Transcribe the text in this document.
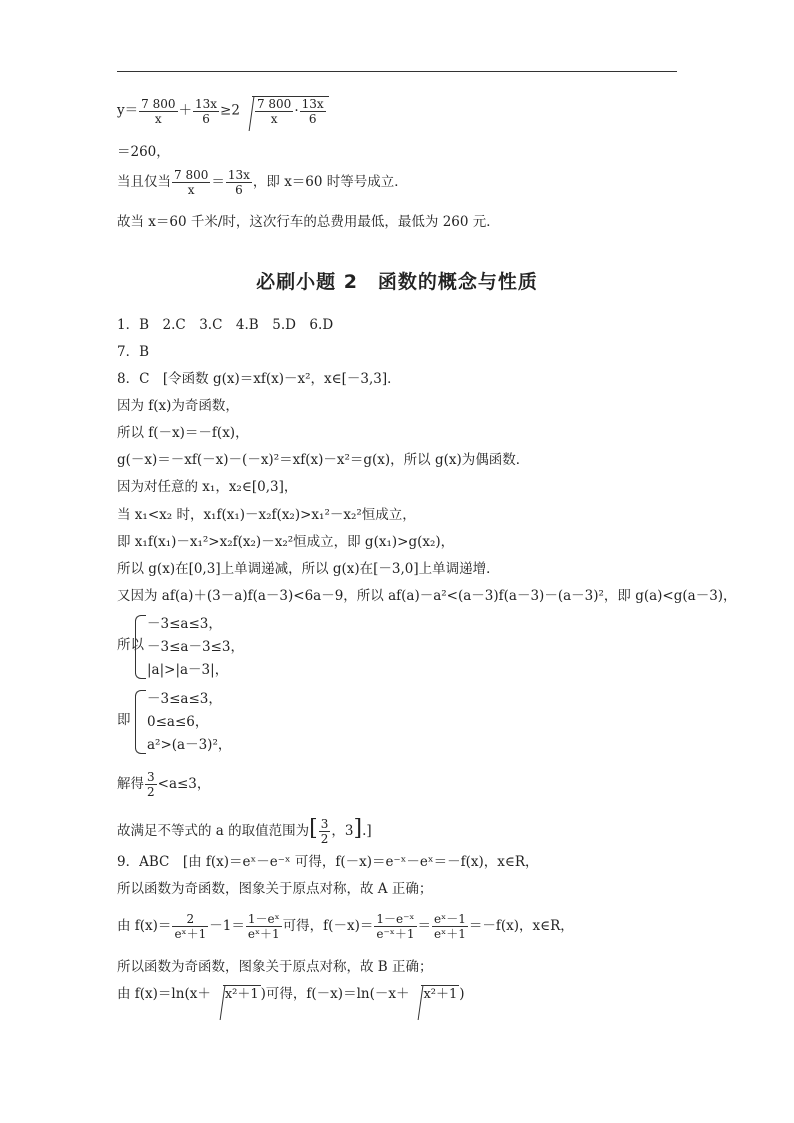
$y= \frac{7 800}{x} + \frac{13x}{6} \ge 2 \frac{7 800}{x} \cdot \frac{13x}{6}$
＝260，
当且仅当 $\frac{7 800}{x} = \frac{13x}{6}$ ，即 x＝60 时等号成立．
故当 x＝60 千米/时，这次行车的总费用最低，最低为 260 元．
必刷小题 2　函数的概念与性质
1．B　2.C　3.C　4.B　5.D　6.D
7．B
8．C　[令函数 g(x)＝xf(x)－x²，x∈[－3,3]．
因为 f(x)为奇函数，
所以 f(－x)＝－f(x)，
g(－x)＝－xf(－x)－(－x)²＝xf(x)－x²＝g(x)，所以 g(x)为偶函数．
因为对任意的 x₁，x₂∈[0,3]，
当 x₁<x₂ 时，x₁f(x₁)－x₂f(x₂)>x₁²－x₂²恒成立，
即 x₁f(x₁)－x₁²>x₂f(x₂)－x₂²恒成立，即 g(x₁)>g(x₂)，
所以 g(x)在[0,3]上单调递减，所以 g(x)在[－3,0]上单调递增．
又因为 af(a)＋(3－a)f(a－3)<6a－9，所以 af(a)－a²<(a－3)f(a－3)－(a－3)²，即 g(a)<g(a－3)，
所以
－3≤a≤3，
－3≤a－3≤3，
|a|>|a－3|，
即
－3≤a≤3，
0≤a≤6，
a²>(a－3)²，
解得 $\frac{3}{2} <a\le 3$，
故满足不等式的 a 的取值范围为[ $\frac{3}{2}$ ，3].]
9．ABC　[由 f(x)＝eˣ－e⁻ˣ 可得，f(－x)＝e⁻ˣ－eˣ＝－f(x)，x∈R，
所以函数为奇函数，图象关于原点对称，故 A 正确；
由 $f(x)= \frac{2}{\text{eˣ＋1}} -1= \frac{\text{1－eˣ}}{\text{eˣ＋1}}$ 可得，$f(-x)= \frac{\text{1－e⁻ˣ}}{\text{e⁻ˣ＋1}} = \frac{\text{eˣ－1}}{\text{eˣ＋1}} =-f(x)$，x∈R，
所以函数为奇函数，图象关于原点对称，故 B 正确；
由 f(x)＝ln(x＋ x²＋1 )可得，f(－x)＝ln(－x＋ x²＋1 )
